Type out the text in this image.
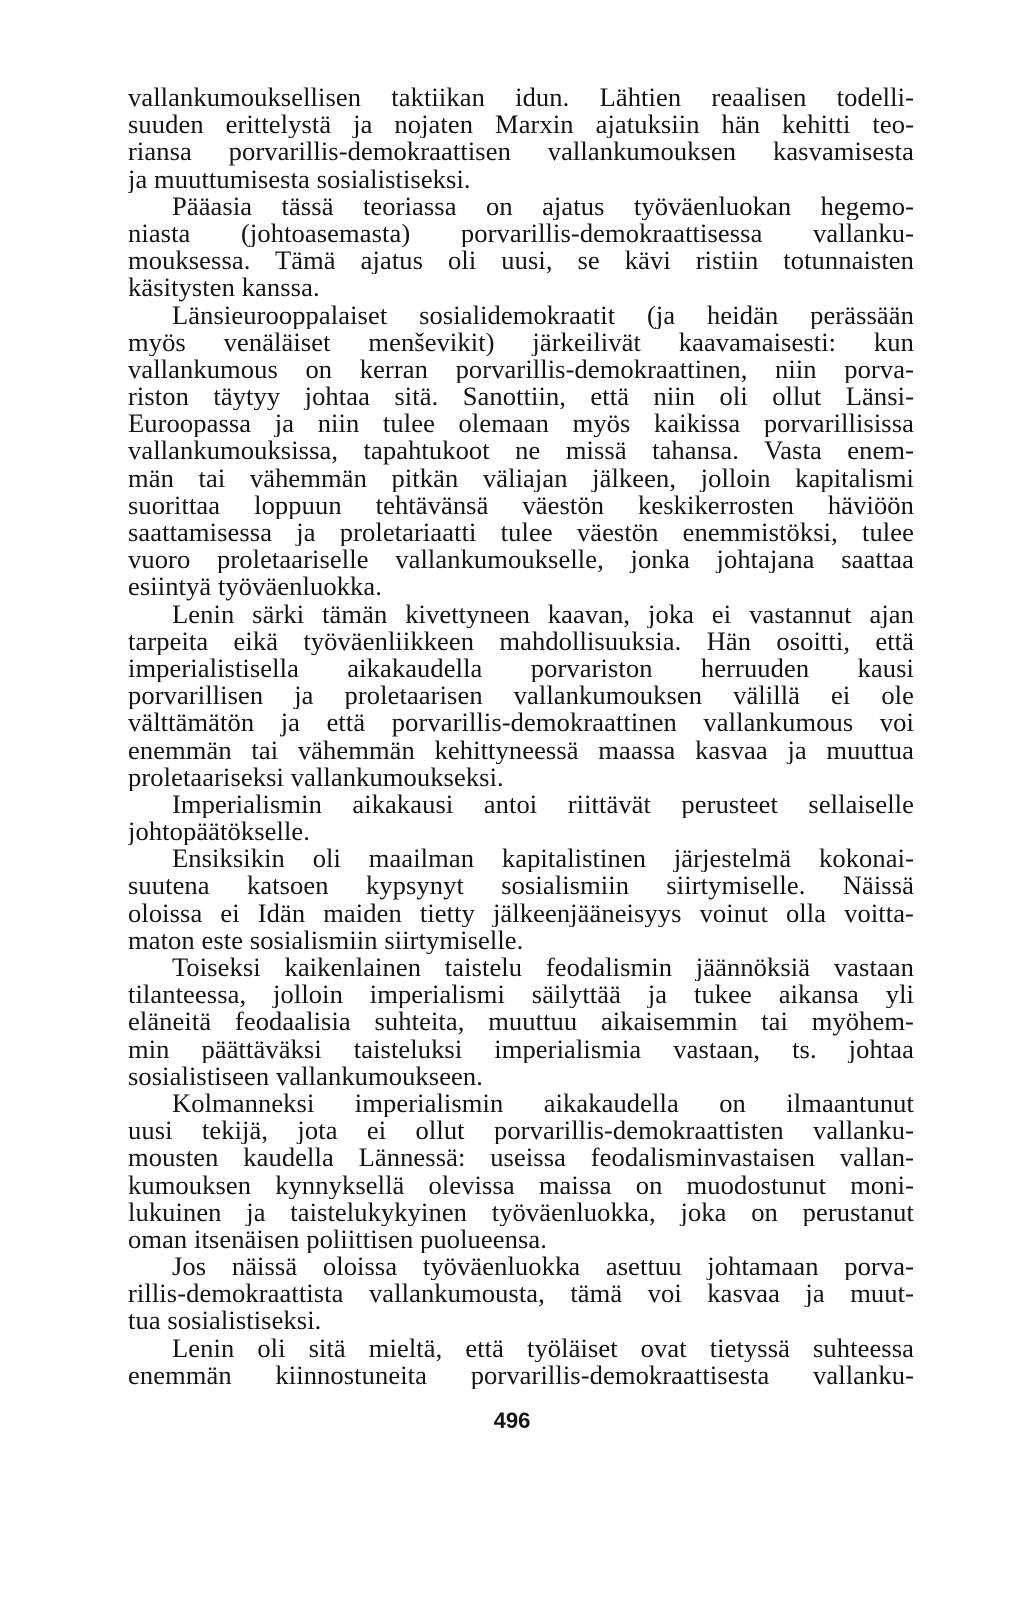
vallankumouksellisen taktiikan idun. Lähtien reaalisen todelli-
suuden erittelystä ja nojaten Marxin ajatuksiin hän kehitti teo-
riansa porvarillis-demokraattisen vallankumouksen kasvamisesta
ja muuttumisesta sosialistiseksi.
Pääasia tässä teoriassa on ajatus työväenluokan hegemo-
niasta (johtoasemasta) porvarillis-demokraattisessa vallanku-
mouksessa. Tämä ajatus oli uusi, se kävi ristiin totunnaisten
käsitysten kanssa.
Länsieurooppalaiset sosialidemokraatit (ja heidän perässään
myös venäläiset menševikit) järkeilivät kaavamaisesti: kun
vallankumous on kerran porvarillis-demokraattinen, niin porva-
riston täytyy johtaa sitä. Sanottiin, että niin oli ollut Länsi-
Euroopassa ja niin tulee olemaan myös kaikissa porvarillisissa
vallankumouksissa, tapahtukoot ne missä tahansa. Vasta enem-
män tai vähemmän pitkän väliajan jälkeen, jolloin kapitalismi
suorittaa loppuun tehtävänsä väestön keskikerrosten häviöön
saattamisessa ja proletariaatti tulee väestön enemmistöksi, tulee
vuoro proletaariselle vallankumoukselle, jonka johtajana saattaa
esiintyä työväenluokka.
Lenin särki tämän kivettyneen kaavan, joka ei vastannut ajan
tarpeita eikä työväenliikkeen mahdollisuuksia. Hän osoitti, että
imperialistisella aikakaudella porvariston herruuden kausi
porvarillisen ja proletaarisen vallankumouksen välillä ei ole
välttämätön ja että porvarillis-demokraattinen vallankumous voi
enemmän tai vähemmän kehittyneessä maassa kasvaa ja muuttua
proletaariseksi vallankumoukseksi.
Imperialismin aikakausi antoi riittävät perusteet sellaiselle
johtopäätökselle.
Ensiksikin oli maailman kapitalistinen järjestelmä kokonai-
suutena katsoen kypsynyt sosialismiin siirtymiselle. Näissä
oloissa ei Idän maiden tietty jälkeenjääneisyys voinut olla voitta-
maton este sosialismiin siirtymiselle.
Toiseksi kaikenlainen taistelu feodalismin jäännöksiä vastaan
tilanteessa, jolloin imperialismi säilyttää ja tukee aikansa yli
eläneitä feodaalisia suhteita, muuttuu aikaisemmin tai myöhem-
min päättäväksi taisteluksi imperialismia vastaan, ts. johtaa
sosialistiseen vallankumoukseen.
Kolmanneksi imperialismin aikakaudella on ilmaantunut
uusi tekijä, jota ei ollut porvarillis-demokraattisten vallanku-
mousten kaudella Lännessä: useissa feodalisminvastaisen vallan-
kumouksen kynnyksellä olevissa maissa on muodostunut moni-
lukuinen ja taistelukykyinen työväenluokka, joka on perustanut
oman itsenäisen poliittisen puolueensa.
Jos näissä oloissa työväenluokka asettuu johtamaan porva-
rillis-demokraattista vallankumousta, tämä voi kasvaa ja muut-
tua sosialistiseksi.
Lenin oli sitä mieltä, että työläiset ovat tietyssä suhteessa
enemmän kiinnostuneita porvarillis-demokraattisesta vallanku-
496
